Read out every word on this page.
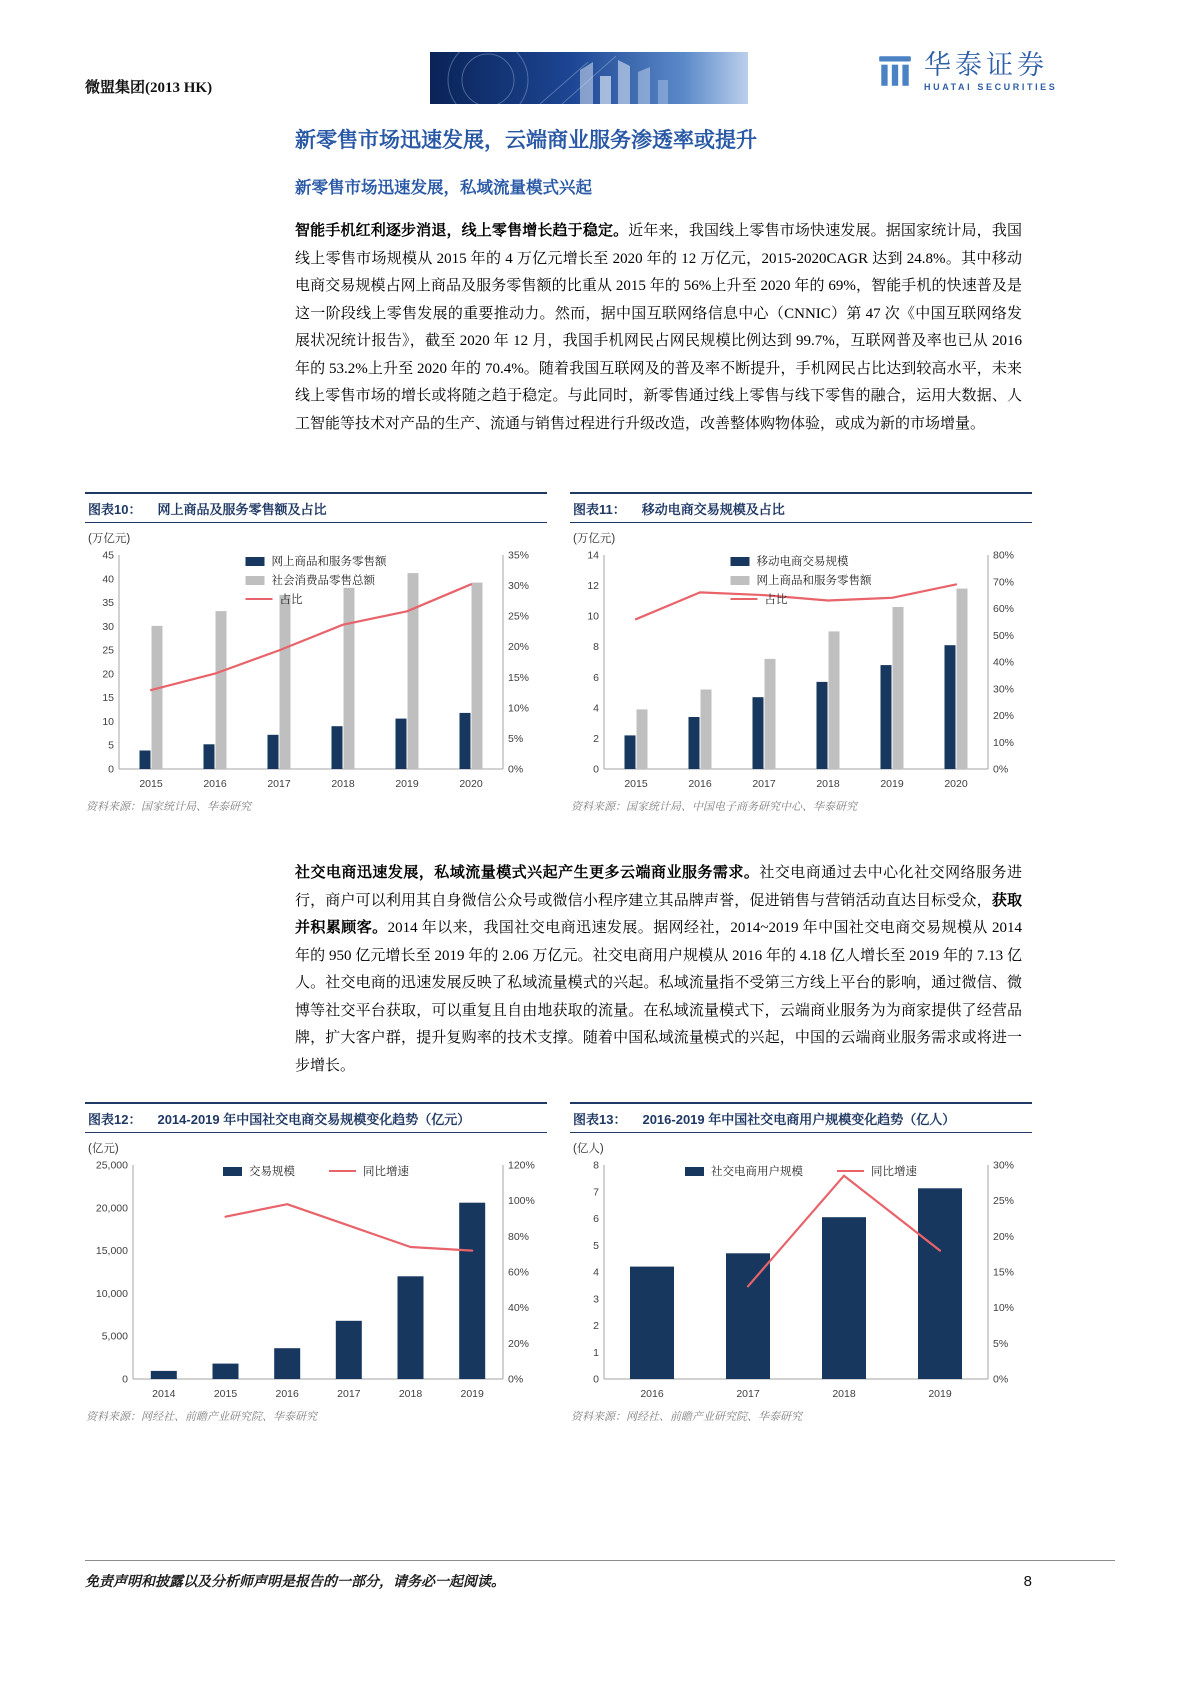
微盟集团(2013 HK)
华泰证券
HUATAI SECURITIES
新零售市场迅速发展，云端商业服务渗透率或提升
新零售市场迅速发展，私域流量模式兴起

智能手机红利逐步消退，线上零售增长趋于稳定。近年来，我国线上零售市场快速发展。据国家统计局，我国线上零售市场规模从 2015 年的 4 万亿元增长至 2020 年的 12 万亿元，2015-2020CAGR 达到 24.8%。其中移动电商交易规模占网上商品及服务零售额的比重从 2015 年的 56%上升至 2020 年的 69%，智能手机的快速普及是这一阶段线上零售发展的重要推动力。然而，据中国互联网络信息中心（CNNIC）第 47 次《中国互联网络发展状况统计报告》，截至 2020 年 12 月，我国手机网民占网民规模比例达到 99.7%，互联网普及率也已从 2016 年的 53.2%上升至 2020 年的 70.4%。随着我国互联网及的普及率不断提升，手机网民占比达到较高水平，未来线上零售市场的增长或将随之趋于稳定。与此同时，新零售通过线上零售与线下零售的融合，运用大数据、人工智能等技术对产品的生产、流通与销售过程进行升级改造，改善整体购物体验，或成为新的市场增量。

社交电商迅速发展，私域流量模式兴起产生更多云端商业服务需求。社交电商通过去中心化社交网络服务进行，商户可以利用其自身微信公众号或微信小程序建立其品牌声誉，促进销售与营销活动直达目标受众，获取并积累顾客。2014 年以来，我国社交电商迅速发展。据网经社，2014~2019 年中国社交电商交易规模从 2014 年的 950 亿元增长至 2019 年的 2.06 万亿元。社交电商用户规模从 2016 年的 4.18 亿人增长至 2019 年的 7.13 亿人。社交电商的迅速发展反映了私域流量模式的兴起。私域流量指不受第三方线上平台的影响，通过微信、微博等社交平台获取，可以重复且自由地获取的流量。在私域流量模式下，云端商业服务为为商家提供了经营品牌，扩大客户群，提升复购率的技术支撑。随着中国私域流量模式的兴起，中国的云端商业服务需求或将进一步增长。

图表10： 网上商品及服务零售额及占比
(万亿元)
0
5
10
15
20
25
30
35
40
45
0%
5%
10%
15%
20%
25%
30%
35%
2015	2016	2017	2018	2019	2020
网上商品和服务零售额
社会消费品零售总额
占比
资料来源：国家统计局、华泰研究
图表11： 移动电商交易规模及占比
(万亿元)
0
2
4
6
8
10
12
14
0%
10%
20%
30%
40%
50%
60%
70%
80%
2015	2016	2017	2018	2019	2020
移动电商交易规模
网上商品和服务零售额
占比
资料来源：国家统计局、中国电子商务研究中心、华泰研究
图表12： 2014-2019 年中国社交电商交易规模变化趋势（亿元）
(亿元)
0
5,000
10,000
15,000
20,000
25,000
0%
20%
40%
60%
80%
100%
120%
2014	2015	2016	2017	2018	2019
交易规模	同比增速
资料来源：网经社、前瞻产业研究院、华泰研究
图表13： 2016-2019 年中国社交电商用户规模变化趋势（亿人）
(亿人)
0
1
2
3
4
5
6
7
8
0%
5%
10%
15%
20%
25%
30%
2016	2017	2018	2019
社交电商用户规模	同比增速
资料来源：网经社、前瞻产业研究院、华泰研究
免责声明和披露以及分析师声明是报告的一部分，请务必一起阅读。	8
